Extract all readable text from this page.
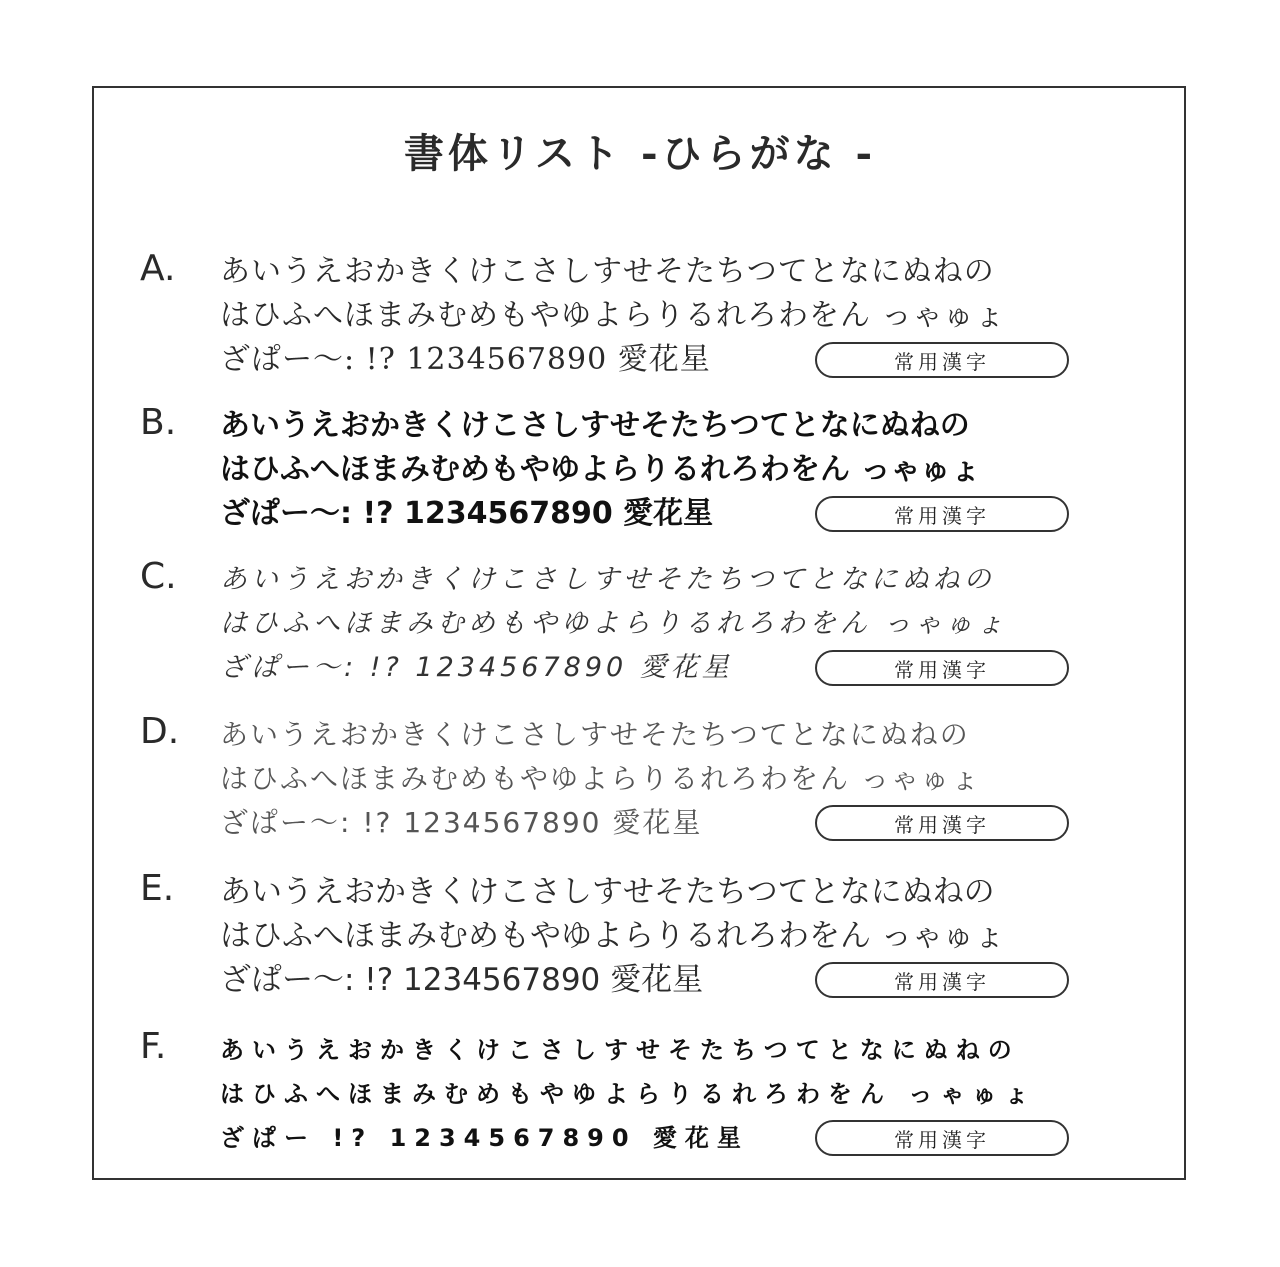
書体リスト -ひらがな -
A. あいうえおかきくけこさしすせそたちつてとなにぬねの
はひふへほまみむめもやゆよらりるれろわをん っゃゅょ
ざぱー〜: !? 1234567890 愛花星	常用漢字
B. あいうえおかきくけこさしすせそたちつてとなにぬねの
はひふへほまみむめもやゆよらりるれろわをん っゃゅょ
ざぱー〜: !? 1234567890 愛花星	常用漢字
C. あいうえおかきくけこさしすせそたちつてとなにぬねの
はひふへほまみむめもやゆよらりるれろわをん っゃゅょ
ざぱー〜: !? 1234567890 愛花星	常用漢字
D. あいうえおかきくけこさしすせそたちつてとなにぬねの
はひふへほまみむめもやゆよらりるれろわをん っゃゅょ
ざぱー〜: !? 1234567890 愛花星	常用漢字
E. あいうえおかきくけこさしすせそたちつてとなにぬねの
はひふへほまみむめもやゆよらりるれろわをん っゃゅょ
ざぱー〜: !? 1234567890 愛花星	常用漢字
F. あいうえおかきくけこさしすせそたちつてとなにぬねの
はひふへほまみむめもやゆよらりるれろわをん っゃゅょ
ざぱー !? 1234567890 愛花星	常用漢字
